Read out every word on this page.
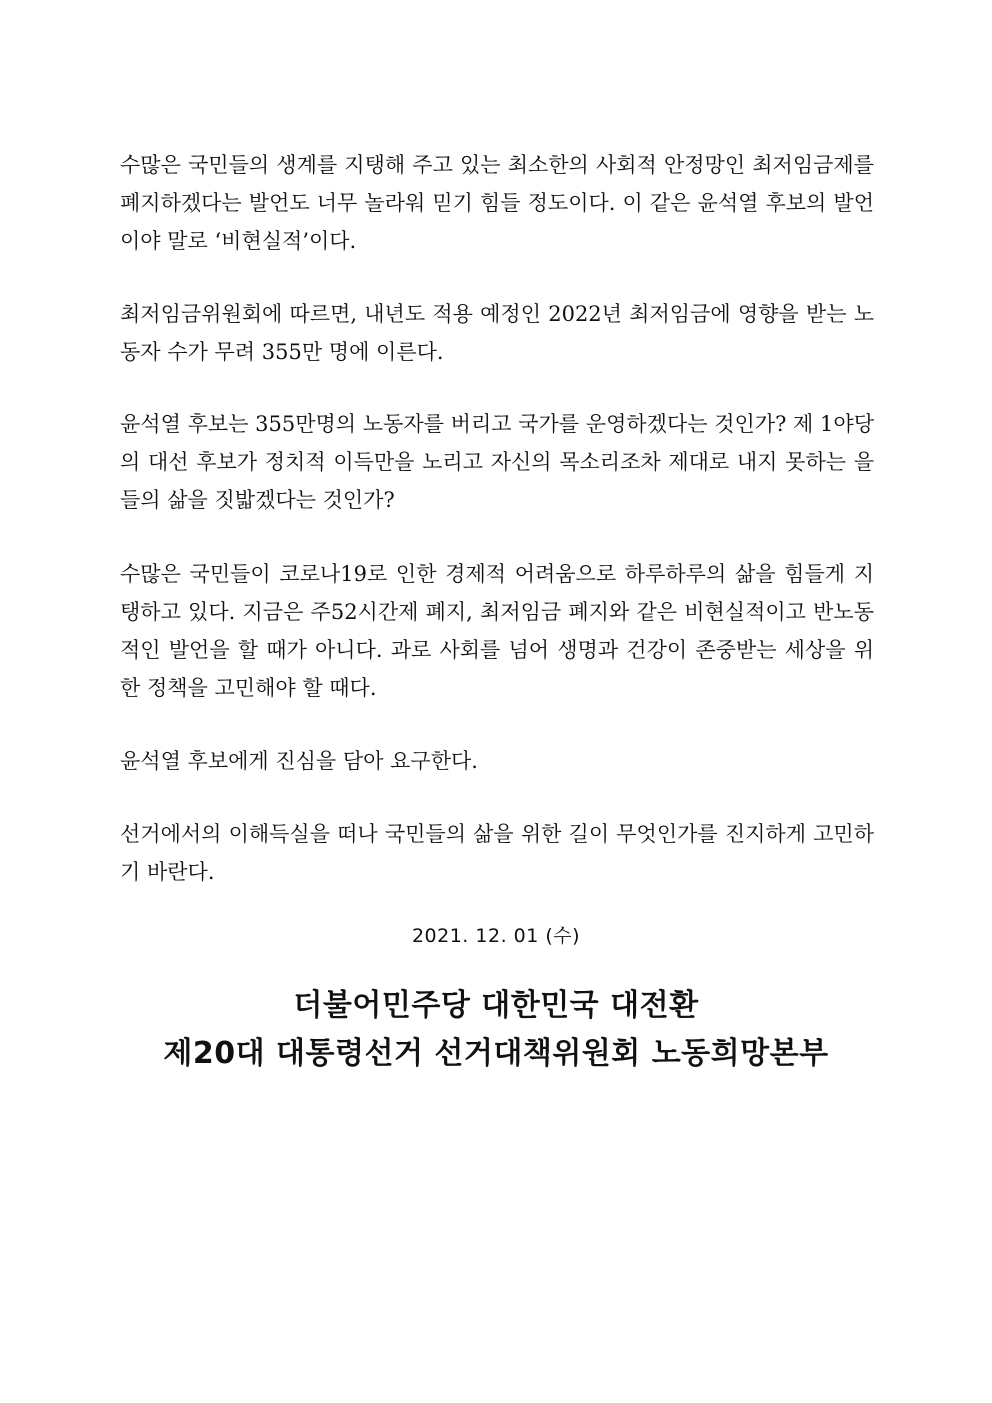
수많은 국민들의 생계를 지탱해 주고 있는 최소한의 사회적 안정망인 최저임금제를 폐지하겠다는 발언도 너무 놀라워 믿기 힘들 정도이다. 이 같은 윤석열 후보의 발언이야 말로 ‘비현실적’이다.

최저임금위원회에 따르면, 내년도 적용 예정인 2022년 최저임금에 영향을 받는 노동자 수가 무려 355만 명에 이른다.

윤석열 후보는 355만명의 노동자를 버리고 국가를 운영하겠다는 것인가? 제 1야당의 대선 후보가 정치적 이득만을 노리고 자신의 목소리조차 제대로 내지 못하는 을들의 삶을 짓밟겠다는 것인가?

수많은 국민들이 코로나19로 인한 경제적 어려움으로 하루하루의 삶을 힘들게 지탱하고 있다. 지금은 주52시간제 폐지, 최저임금 폐지와 같은 비현실적이고 반노동적인 발언을 할 때가 아니다. 과로 사회를 넘어 생명과 건강이 존중받는 세상을 위한 정책을 고민해야 할 때다.

윤석열 후보에게 진심을 담아 요구한다.

선거에서의 이해득실을 떠나 국민들의 삶을 위한 길이 무엇인가를 진지하게 고민하기 바란다.

2021. 12. 01 (수)
더불어민주당 대한민국 대전환
제20대 대통령선거 선거대책위원회 노동희망본부
